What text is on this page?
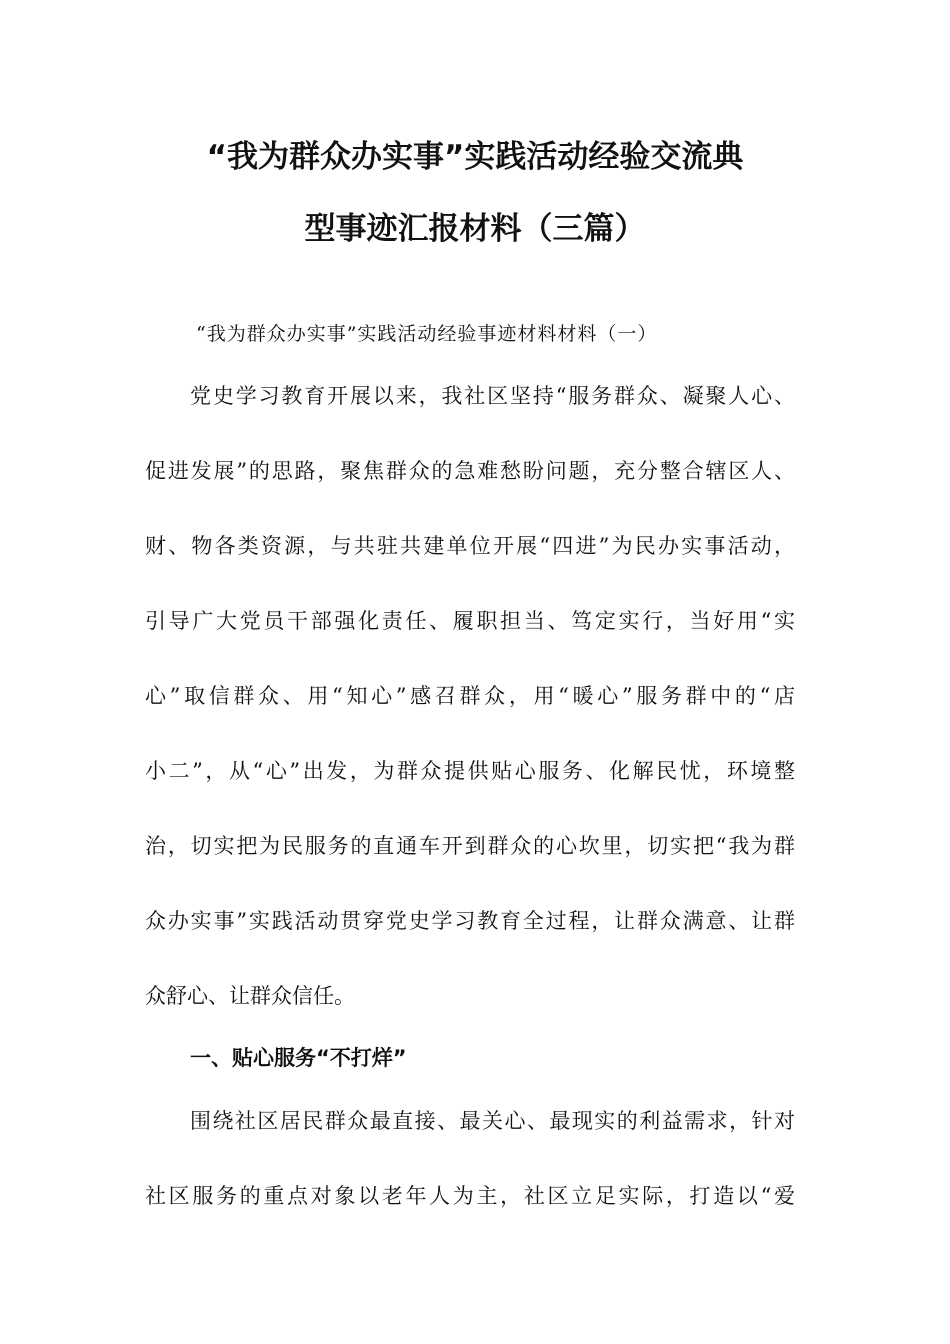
“我为群众办实事”实践活动经验交流典
型事迹汇报材料（三篇）

“我为群众办实事”实践活动经验事迹材料材料（一）

党史学习教育开展以来，我社区坚持“服务群众、凝聚人心、

促进发展”的思路，聚焦群众的急难愁盼问题，充分整合辖区人、

财、物各类资源，与共驻共建单位开展“四进”为民办实事活动，

引导广大党员干部强化责任、履职担当、笃定实行，当好用“实

心”取信群众、用“知心”感召群众，用“暖心”服务群中的“店

小二”，从“心”出发，为群众提供贴心服务、化解民忧，环境整

治，切实把为民服务的直通车开到群众的心坎里，切实把“我为群

众办实事”实践活动贯穿党史学习教育全过程，让群众满意、让群

众舒心、让群众信任。

一、贴心服务“不打烊”

围绕社区居民群众最直接、最关心、最现实的利益需求，针对

社区服务的重点对象以老年人为主，社区立足实际，打造以“爱
